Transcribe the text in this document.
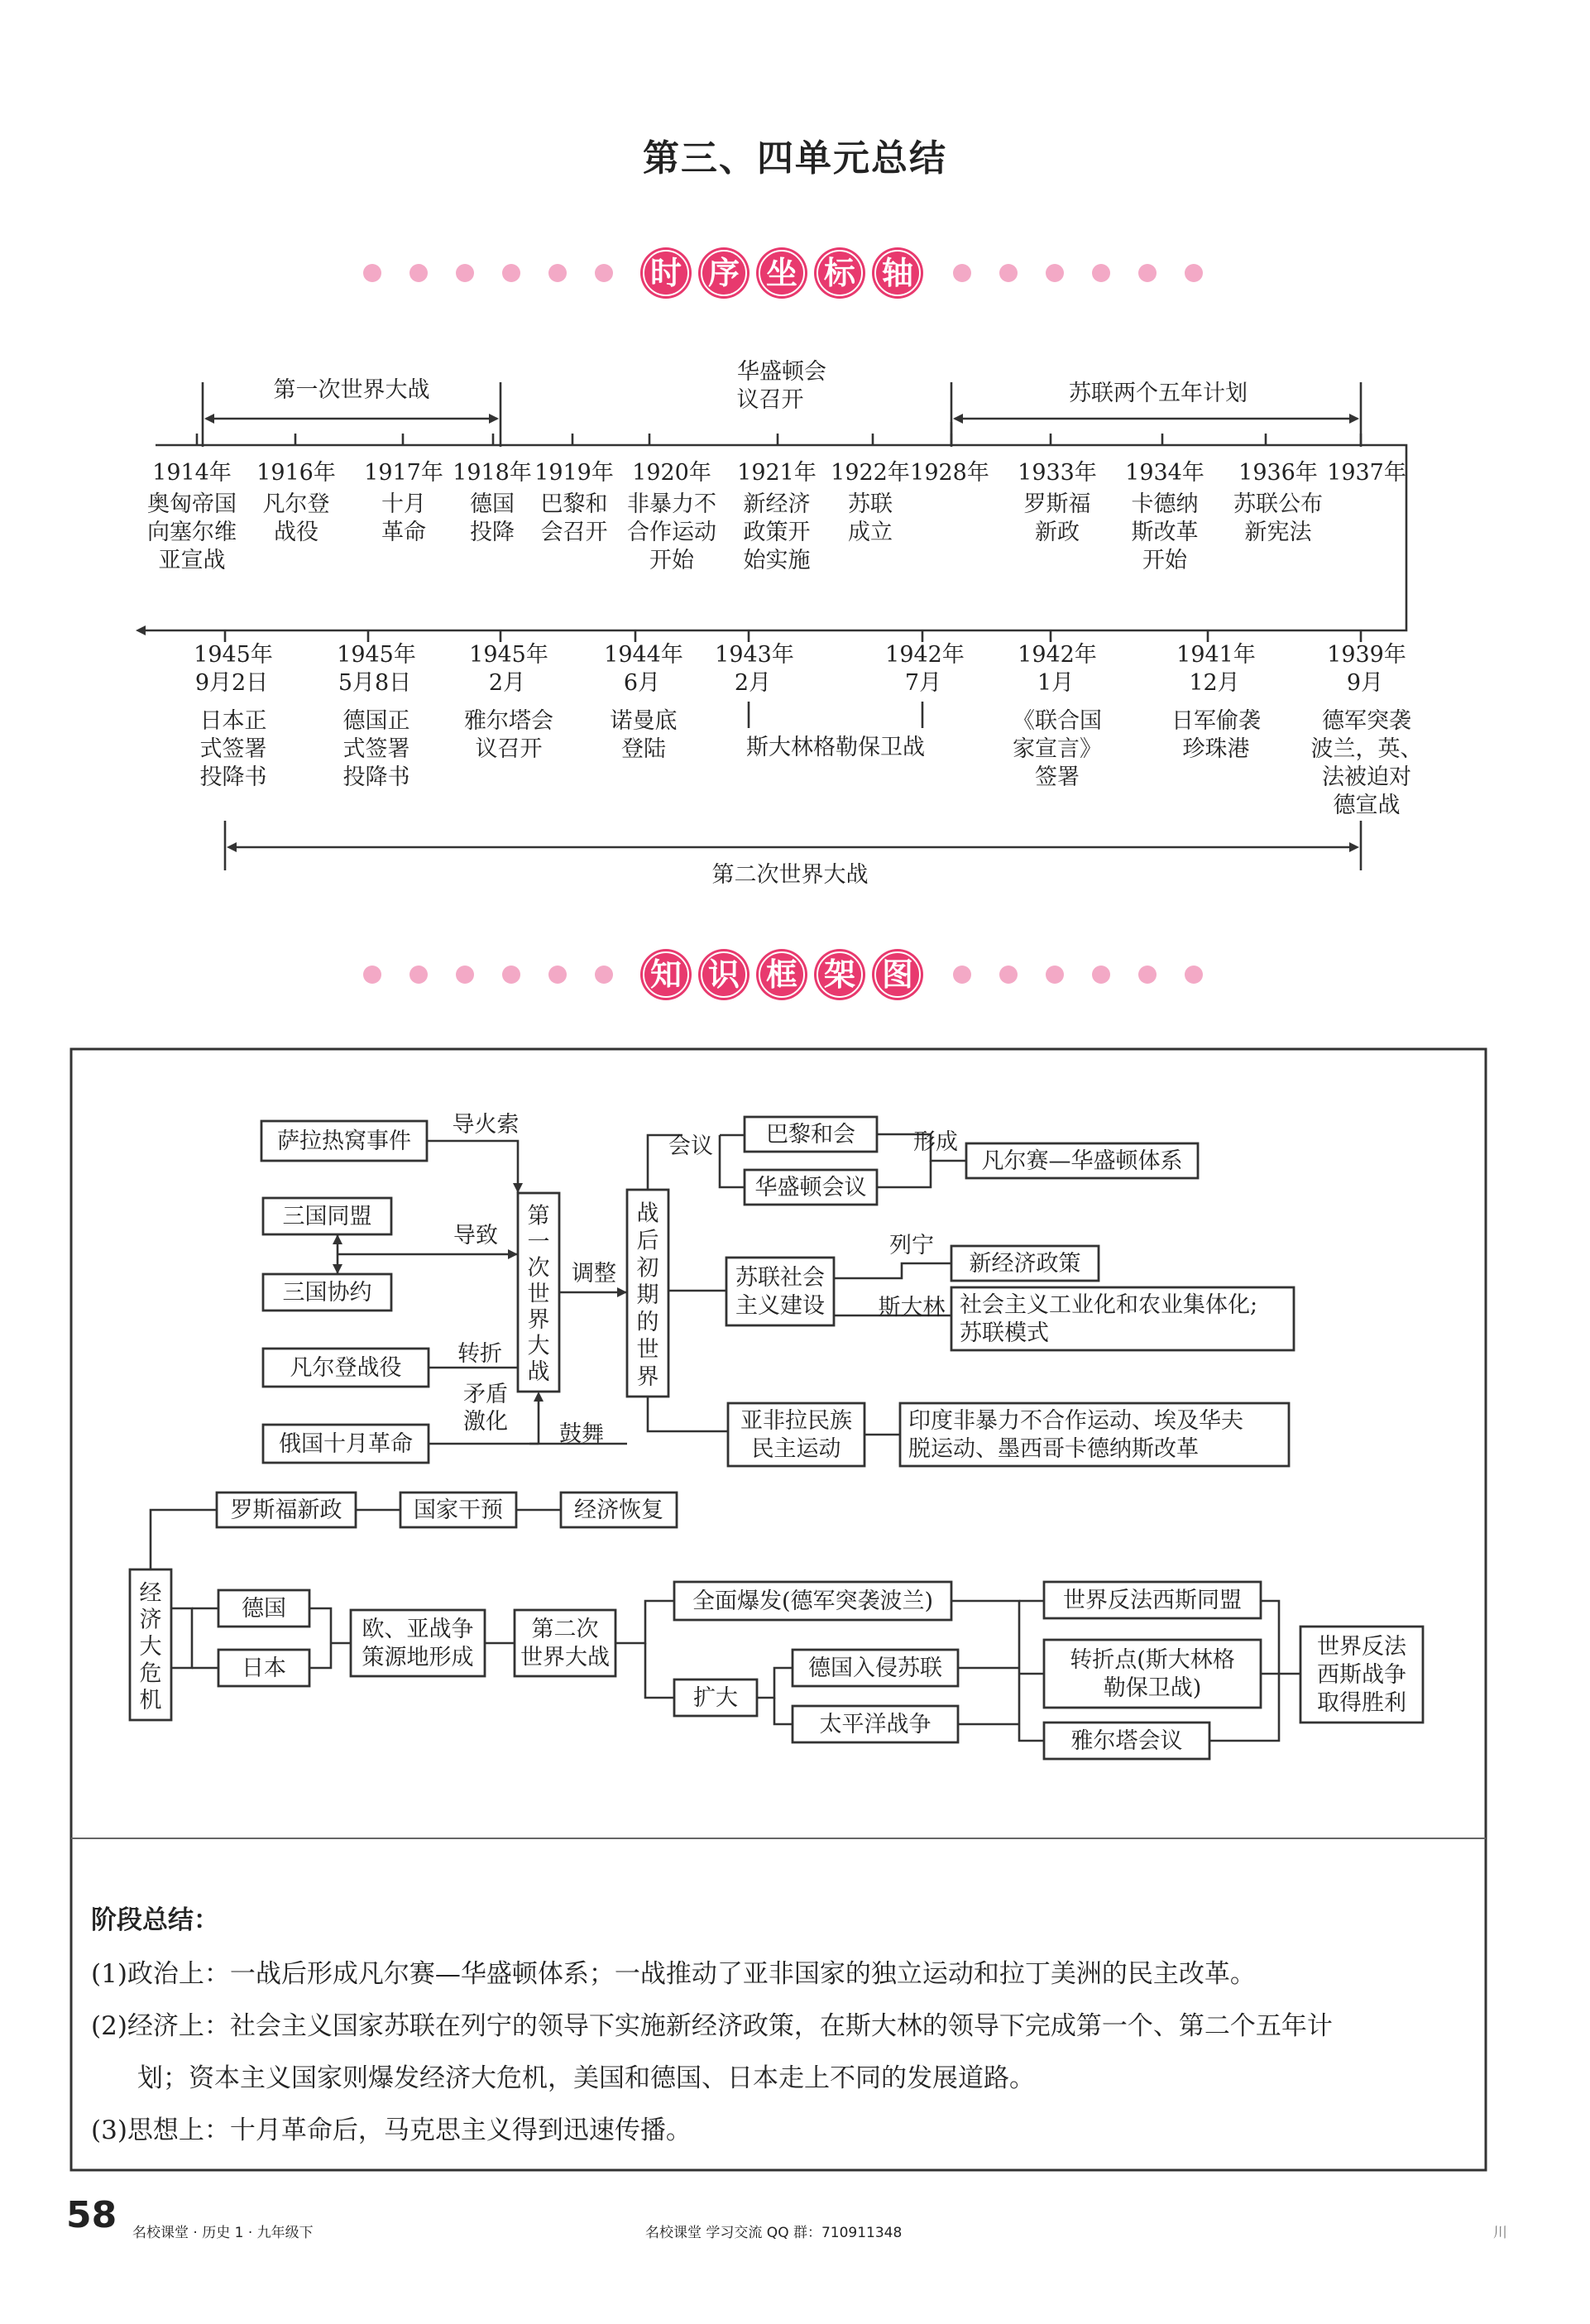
第三、四单元总结
时 序 坐 标 轴
知 识 框 架 图
1914年
奥匈帝国
向塞尔维
亚宣战
1916年
凡尔登
战役
1917年
十月
革命
1918年
德国
投降
1919年
巴黎和
会召开
1920年
非暴力不
合作运动
开始
1921年
新经济
政策开
始实施
1922年
苏联
成立
1928年 1933年
罗斯福
新政
1934年
卡德纳
斯改革
开始
1936年
苏联公布
新宪法
1937年
第一次世界大战	苏联两个五年计划
华盛顿会
议召开
1945年
9月2日
日本正
式签署
投降书
1945年
5月8日
德国正
式签署
投降书
1945年
2月
雅尔塔会
议召开
1944年
6月
诺曼底
登陆
1943年
2月
1942年
7月
1942年
1月
《联合国
家宣言》
签署
1941年
12月
日军偷袭
珍珠港
1939年
9月
德军突袭
波兰，英、
法被迫对
德宣战
斯大林格勒保卫战
第二次世界大战
萨拉热窝事件
三国同盟
三国协约
凡尔登战役
俄国十月革命
第
一
次
世
界
大
战
战
后
初
期
的
世
界
巴黎和会
华盛顿会议
凡尔赛—华盛顿体系
苏联社会
主义建设
新经济政策
社会主义工业化和农业集体化;
苏联模式
亚非拉民族
民主运动
印度非暴力不合作运动、埃及华夫
脱运动、墨西哥卡德纳斯改革
罗斯福新政	国家干预	经济恢复
经
济
大
危
机
德国
日本
欧、亚战争
策源地形成
第二次
世界大战
全面爆发(德军突袭波兰)
扩大
德国入侵苏联
太平洋战争
世界反法西斯同盟
转折点(斯大林格
勒保卫战)
雅尔塔会议
世界反法
西斯战争
取得胜利
导火索
导致
转折
矛盾
激化 鼓舞
调整
会议	形成
列宁
斯大林

阶段总结：

(1)政治上：一战后形成凡尔赛—华盛顿体系；一战推动了亚非国家的独立运动和拉丁美洲的民主改革。

(2)经济上：社会主义国家苏联在列宁的领导下实施新经济政策，在斯大林的领导下完成第一个、第二个五年计

划；资本主义国家则爆发经济大危机，美国和德国、日本走上不同的发展道路。

(3)思想上：十月革命后，马克思主义得到迅速传播。

58 名校课堂 · 历史 1 · 九年级下	名校课堂 学习交流 QQ 群：710911348	川
